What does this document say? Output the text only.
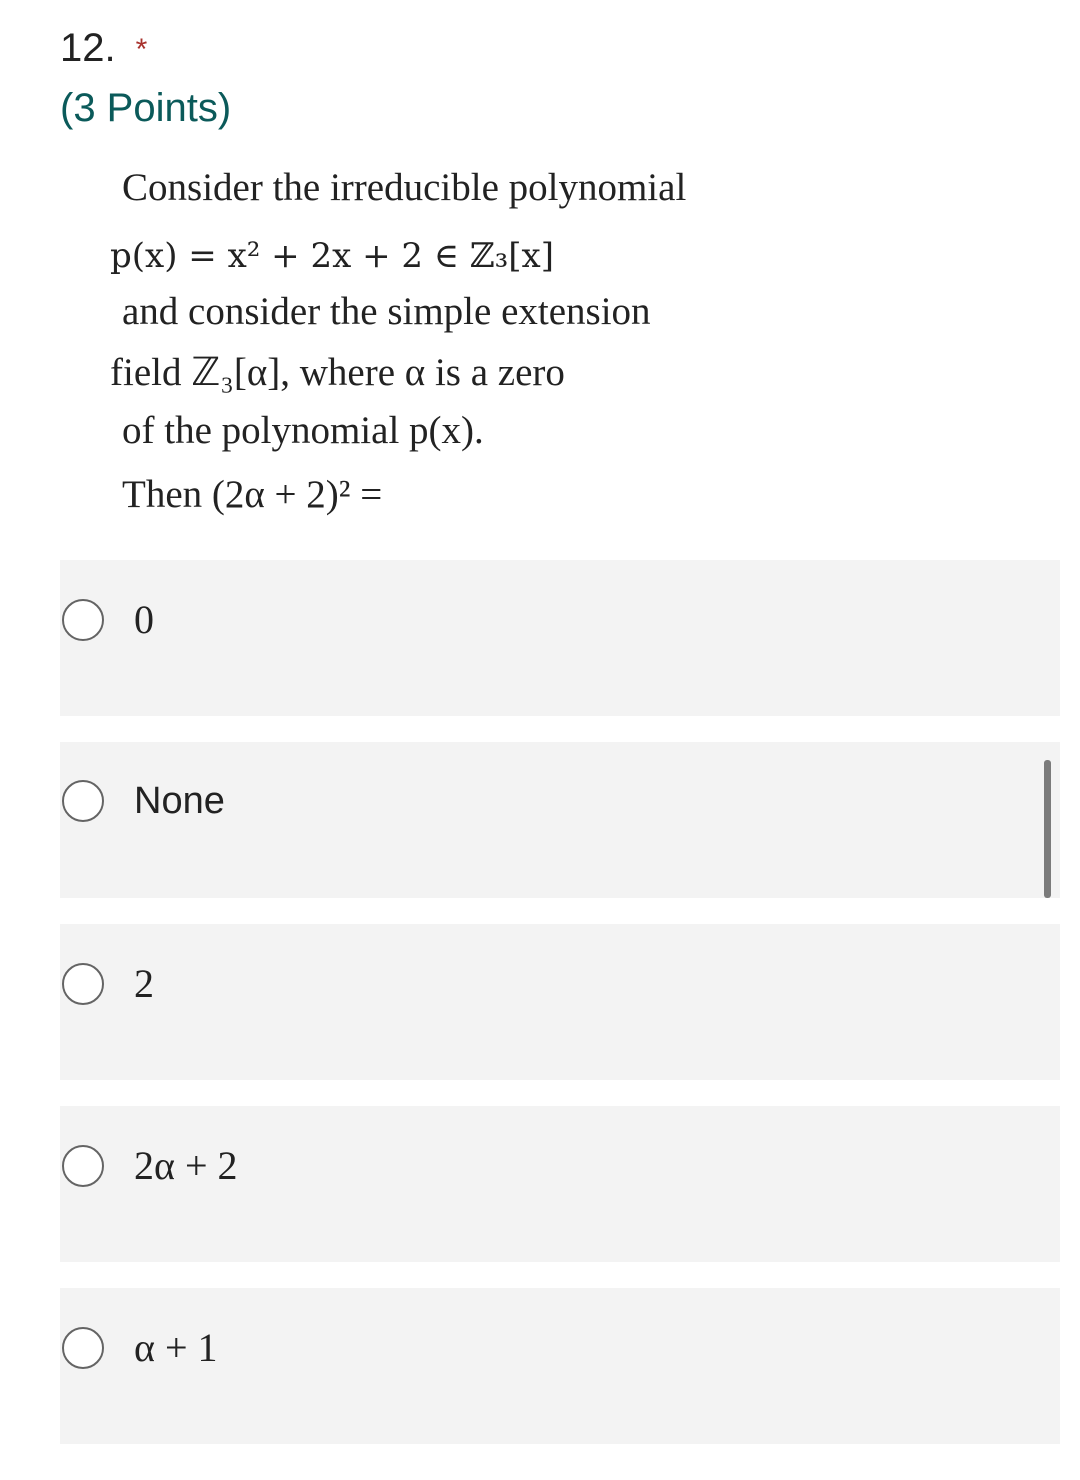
12. *
(3 Points)
Consider the irreducible polynomial
p(x) = x² + 2x + 2 ∈ ℤ₃[x]
and consider the simple extension
field ℤ₃[α], where α is a zero
of the polynomial p(x).
Then (2α + 2)² =
0
None
2
2α + 2
α + 1
